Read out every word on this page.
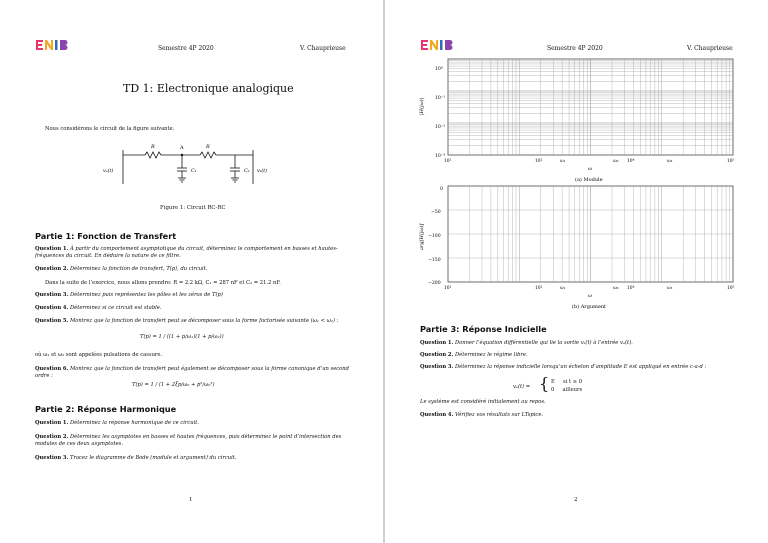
Semestre 4P 2020	V. Chauprieuse
TD 1: Electronique analogique
Nous considérons le circuit de la figure suivante.
R	R
A
C₁	C₂
vₑ(t)	vₛ(t)
Figure 1: Circuit RC-RC
Partie 1: Fonction de Transfert
Question 1. À partir du comportement asymptotique du circuit, déterminez le comportement en basses et hautes-fréquences du circuit. En déduire la nature de ce filtre.
Question 2. Déterminez la fonction de transfert, T(p), du circuit.
Dans la suite de l’exercice, nous allons prendre: R = 2.2 kΩ, C₁ = 287 nF et C₂ = 21.2 nF.
Question 3. Déterminez puis représentez les pôles et les zéros de T(p)
Question 4. Déterminez si ce circuit est stable.
Question 5. Montrez que la fonction de transfert peut se décomposer sous la forme factorisée suivante (ω₁ < ω₂) :
T(p) = 1 / ((1 + p/ω₁)(1 + p/ω₂))
où ω₁ et ω₂ sont appelées pulsations de cassure.
Question 6. Montrez que la fonction de transfert peut également se décomposer sous la forme canonique d’un second ordre :
T(p) = 1 / (1 + 2ξp/ω₀ + p²/ω₀²)
Partie 2: Réponse Harmonique
Question 1. Déterminez la réponse harmonique de ce circuit.
Question 2. Déterminez les asymptotes en basses et hautes fréquences, puis déterminez le point d’intersection des modules de ces deux asymptotes.
Question 3. Tracez le diagramme de Bode (module et argument) du circuit.
1
Semestre 4P 2020	V. Chauprieuse
|H(jω)|
10⁰
10⁻¹
10⁻²
10⁻³
10¹	10²	ω₁	ω₀ 10⁴	ω₂	10⁵
ω
(a) Module
arg[H(jω)]
0
−50
−100
−150
−200
10¹	10²	ω₁	ω₀ 10⁴	ω₂	10⁵
ω
(b) Argument
Partie 3: Réponse Indicielle
Question 1. Donner l’équation différentielle qui lie la sortie vₛ(t) à l’entrée vₑ(t).
Question 2. Déterminez le régime libre.
Question 3. Déterminez la réponse indicielle lorsqu’un échelon d’amplitude E est appliqué en entrée c-a-d :
vₑ(t) = { E     si t ≥ 0
0     ailleurs
Le système est considéré initialement au repos.
Question 4. Vérifiez vos résultats sur LTspice.
2
